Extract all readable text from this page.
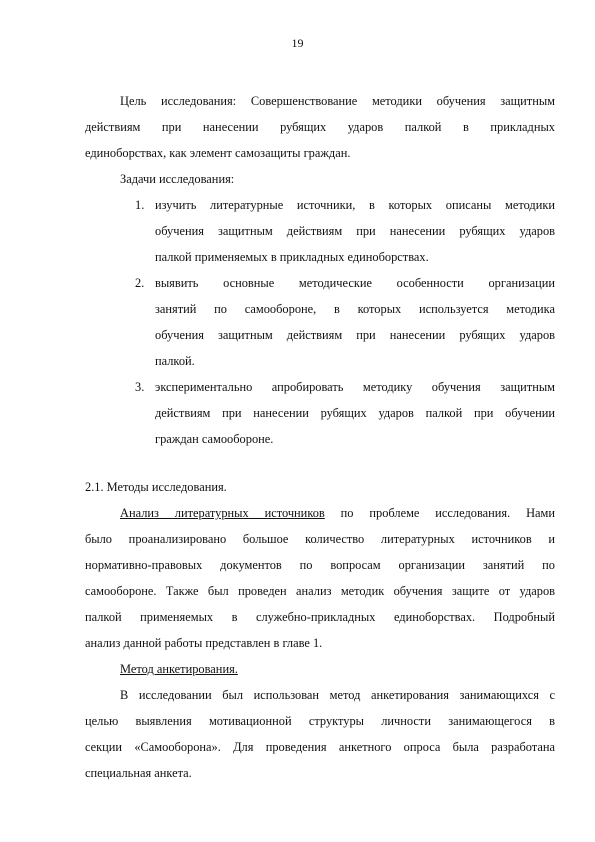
19
Цель исследования: Совершенствование методики обучения защитным
действиям при нанесении рубящих ударов палкой в прикладных
единоборствах, как элемент самозащиты граждан.
Задачи исследования:
1. изучить литературные источники, в которых описаны методики
обучения защитным действиям при нанесении рубящих ударов
палкой применяемых в прикладных единоборствах.
2. выявить основные методические особенности организации
занятий по самообороне, в которых используется методика
обучения защитным действиям при нанесении рубящих ударов
палкой.
3. экспериментально апробировать методику обучения защитным
действиям при нанесении рубящих ударов палкой при обучении
граждан самообороне.
2.1. Методы исследования.
Анализ литературных источников по проблеме исследования. Нами
было проанализировано большое количество литературных источников и
нормативно-правовых документов по вопросам организации занятий по
самообороне. Также был проведен анализ методик обучения защите от ударов
палкой применяемых в служебно-прикладных единоборствах. Подробный
анализ данной работы представлен в главе 1.
Метод анкетирования.
В исследовании был использован метод анкетирования занимающихся с
целью выявления мотивационной структуры личности занимающегося в
секции «Самооборона». Для проведения анкетного опроса была разработана
специальная анкета.
